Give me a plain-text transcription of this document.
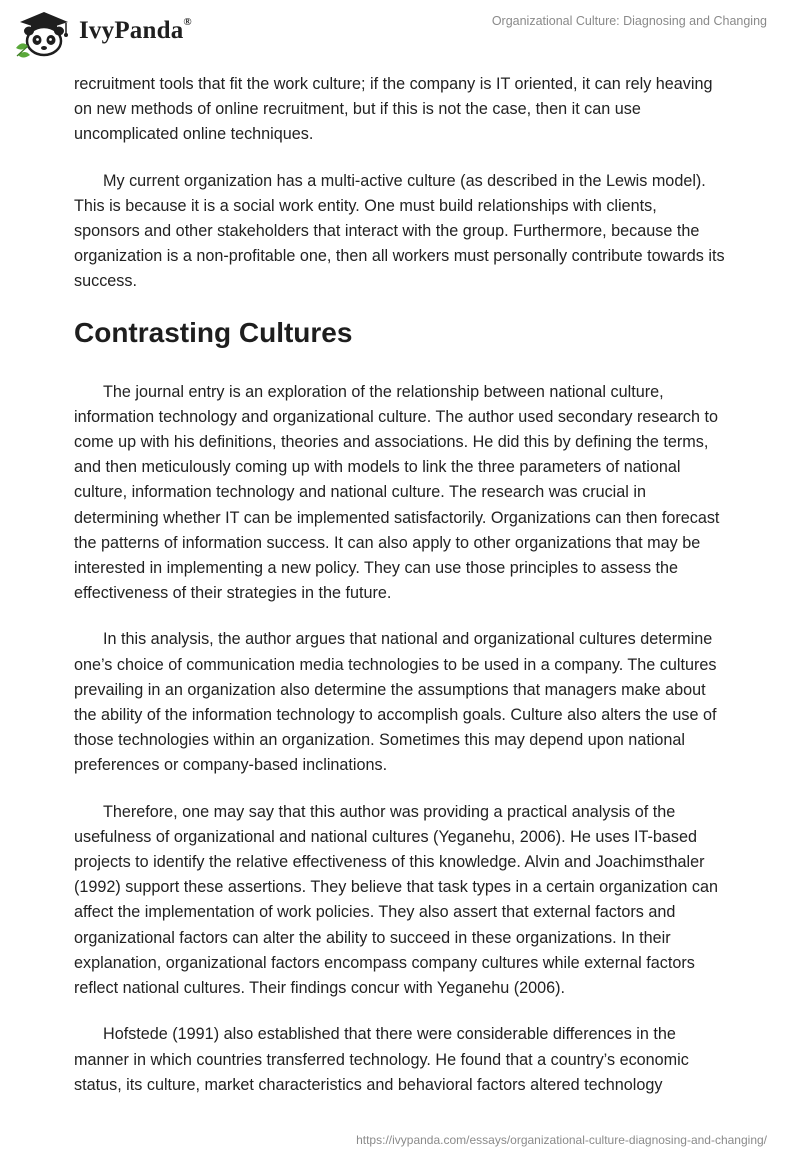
IvyPanda®	Organizational Culture: Diagnosing and Changing

recruitment tools that fit the work culture; if the company is IT oriented, it can rely heaving on new methods of online recruitment, but if this is not the case, then it can use uncomplicated online techniques.

My current organization has a multi-active culture (as described in the Lewis model). This is because it is a social work entity. One must build relationships with clients, sponsors and other stakeholders that interact with the group. Furthermore, because the organization is a non-profitable one, then all workers must personally contribute towards its success.

Contrasting Cultures

The journal entry is an exploration of the relationship between national culture, information technology and organizational culture. The author used secondary research to come up with his definitions, theories and associations. He did this by defining the terms, and then meticulously coming up with models to link the three parameters of national culture, information technology and national culture. The research was crucial in determining whether IT can be implemented satisfactorily. Organizations can then forecast the patterns of information success. It can also apply to other organizations that may be interested in implementing a new policy. They can use those principles to assess the effectiveness of their strategies in the future.

In this analysis, the author argues that national and organizational cultures determine one’s choice of communication media technologies to be used in a company. The cultures prevailing in an organization also determine the assumptions that managers make about the ability of the information technology to accomplish goals. Culture also alters the use of those technologies within an organization. Sometimes this may depend upon national preferences or company-based inclinations.

Therefore, one may say that this author was providing a practical analysis of the usefulness of organizational and national cultures (Yeganehu, 2006). He uses IT-based projects to identify the relative effectiveness of this knowledge. Alvin and Joachimsthaler (1992) support these assertions. They believe that task types in a certain organization can affect the implementation of work policies. They also assert that external factors and organizational factors can alter the ability to succeed in these organizations. In their explanation, organizational factors encompass company cultures while external factors reflect national cultures. Their findings concur with Yeganehu (2006).

Hofstede (1991) also established that there were considerable differences in the manner in which countries transferred technology. He found that a country’s economic status, its culture, market characteristics and behavioral factors altered technology

https://ivypanda.com/essays/organizational-culture-diagnosing-and-changing/
